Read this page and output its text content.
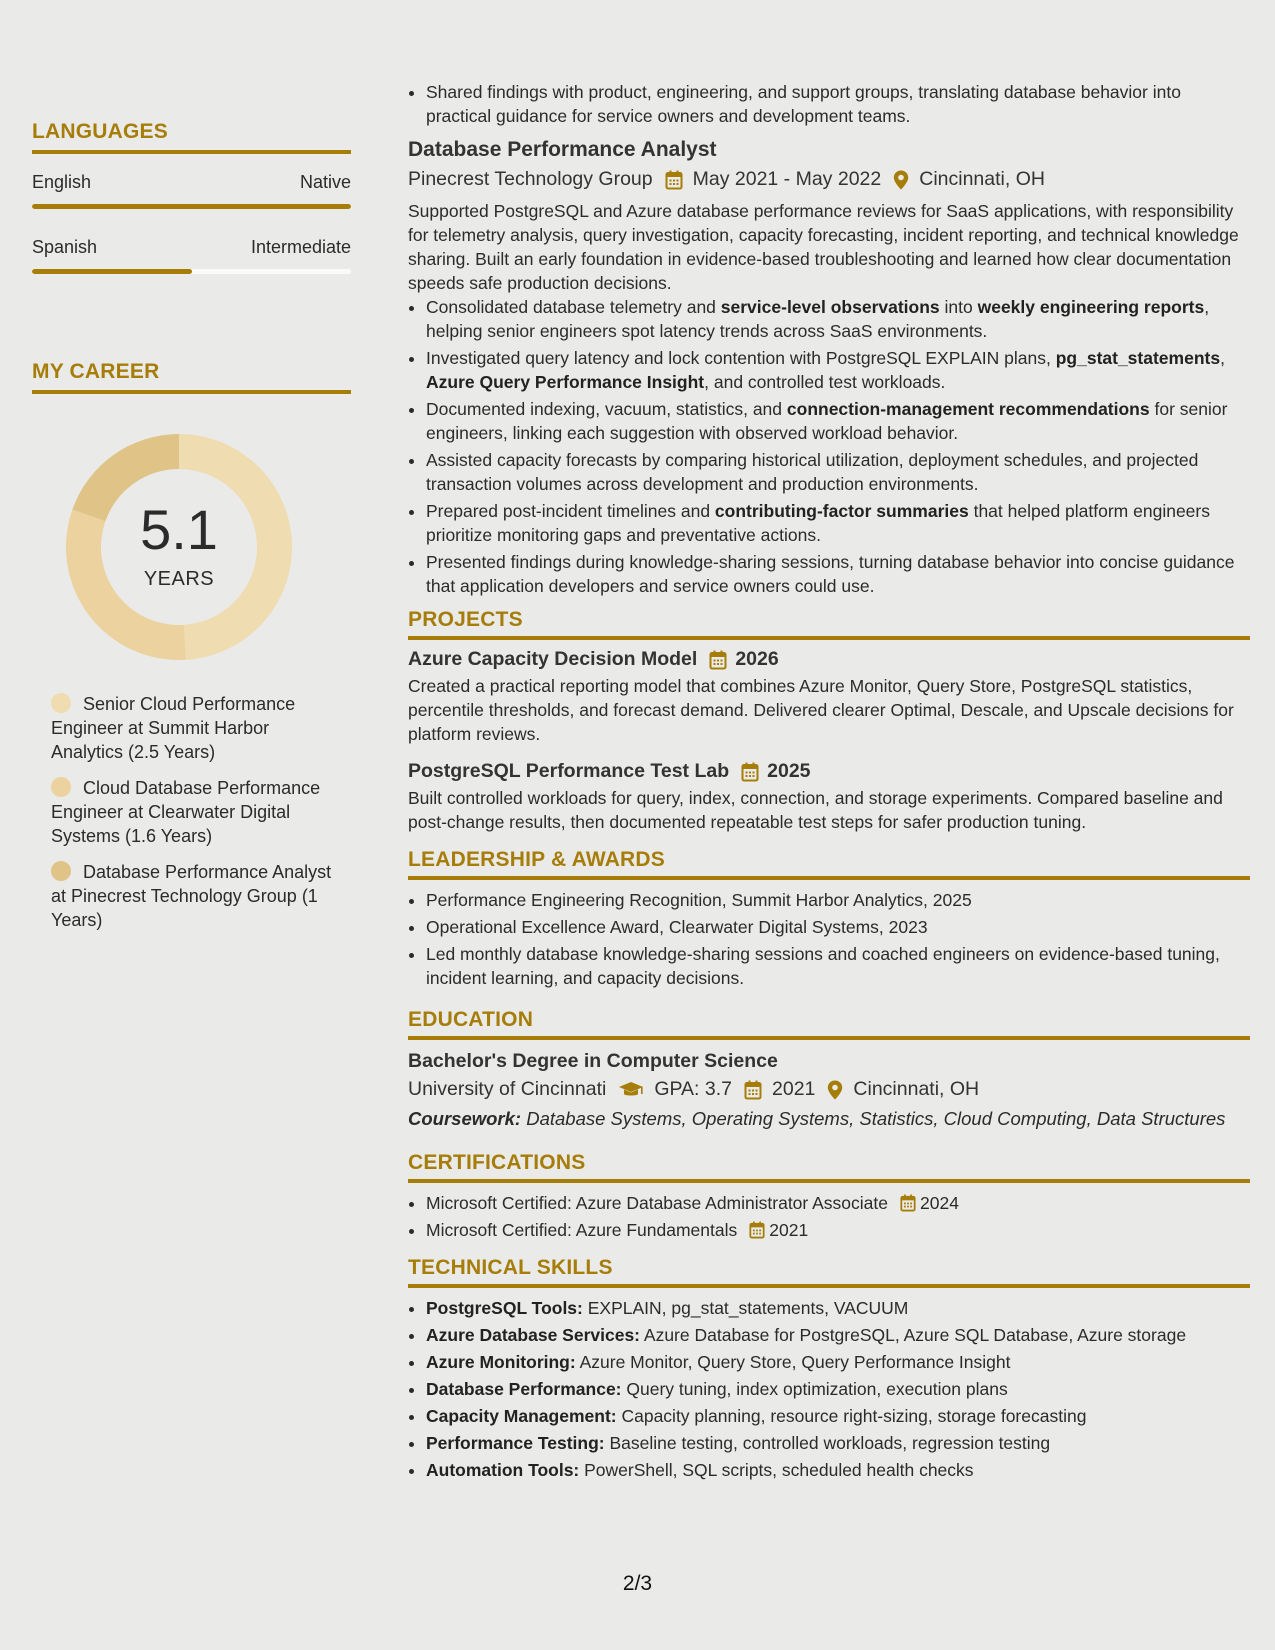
LANGUAGES
English	Native
Spanish	Intermediate
MY CAREER
5.1
YEARS
Senior Cloud Performance Engineer at Summit Harbor Analytics (2.5 Years)
Cloud Database Performance Engineer at Clearwater Digital Systems (1.6 Years)
Database Performance Analyst at Pinecrest Technology Group (1 Years)
• Shared findings with product, engineering, and support groups, translating database behavior into practical guidance for service owners and development teams.
Database Performance Analyst
Pinecrest Technology Group May 2021 - May 2022 Cincinnati, OH
Supported PostgreSQL and Azure database performance reviews for SaaS applications, with responsibility for telemetry analysis, query investigation, capacity forecasting, incident reporting, and technical knowledge sharing. Built an early foundation in evidence-based troubleshooting and learned how clear documentation speeds safe production decisions.
• Consolidated database telemetry and service-level observations into weekly engineering reports, helping senior engineers spot latency trends across SaaS environments.
• Investigated query latency and lock contention with PostgreSQL EXPLAIN plans, pg_stat_statements, Azure Query Performance Insight, and controlled test workloads.
• Documented indexing, vacuum, statistics, and connection-management recommendations for senior engineers, linking each suggestion with observed workload behavior.
• Assisted capacity forecasts by comparing historical utilization, deployment schedules, and projected transaction volumes across development and production environments.
• Prepared post-incident timelines and contributing-factor summaries that helped platform engineers prioritize monitoring gaps and preventative actions.
• Presented findings during knowledge-sharing sessions, turning database behavior into concise guidance that application developers and service owners could use.
PROJECTS
Azure Capacity Decision Model 2026
Created a practical reporting model that combines Azure Monitor, Query Store, PostgreSQL statistics, percentile thresholds, and forecast demand. Delivered clearer Optimal, Descale, and Upscale decisions for platform reviews.
PostgreSQL Performance Test Lab 2025
Built controlled workloads for query, index, connection, and storage experiments. Compared baseline and post-change results, then documented repeatable test steps for safer production tuning.
LEADERSHIP & AWARDS
• Performance Engineering Recognition, Summit Harbor Analytics, 2025
• Operational Excellence Award, Clearwater Digital Systems, 2023
• Led monthly database knowledge-sharing sessions and coached engineers on evidence-based tuning, incident learning, and capacity decisions.
EDUCATION
Bachelor's Degree in Computer Science
University of Cincinnati GPA: 3.7 2021 Cincinnati, OH
Coursework: Database Systems, Operating Systems, Statistics, Cloud Computing, Data Structures
CERTIFICATIONS
• Microsoft Certified: Azure Database Administrator Associate 2024
• Microsoft Certified: Azure Fundamentals 2021
TECHNICAL SKILLS
• PostgreSQL Tools: EXPLAIN, pg_stat_statements, VACUUM
• Azure Database Services: Azure Database for PostgreSQL, Azure SQL Database, Azure storage
• Azure Monitoring: Azure Monitor, Query Store, Query Performance Insight
• Database Performance: Query tuning, index optimization, execution plans
• Capacity Management: Capacity planning, resource right-sizing, storage forecasting
• Performance Testing: Baseline testing, controlled workloads, regression testing
• Automation Tools: PowerShell, SQL scripts, scheduled health checks
2/3
